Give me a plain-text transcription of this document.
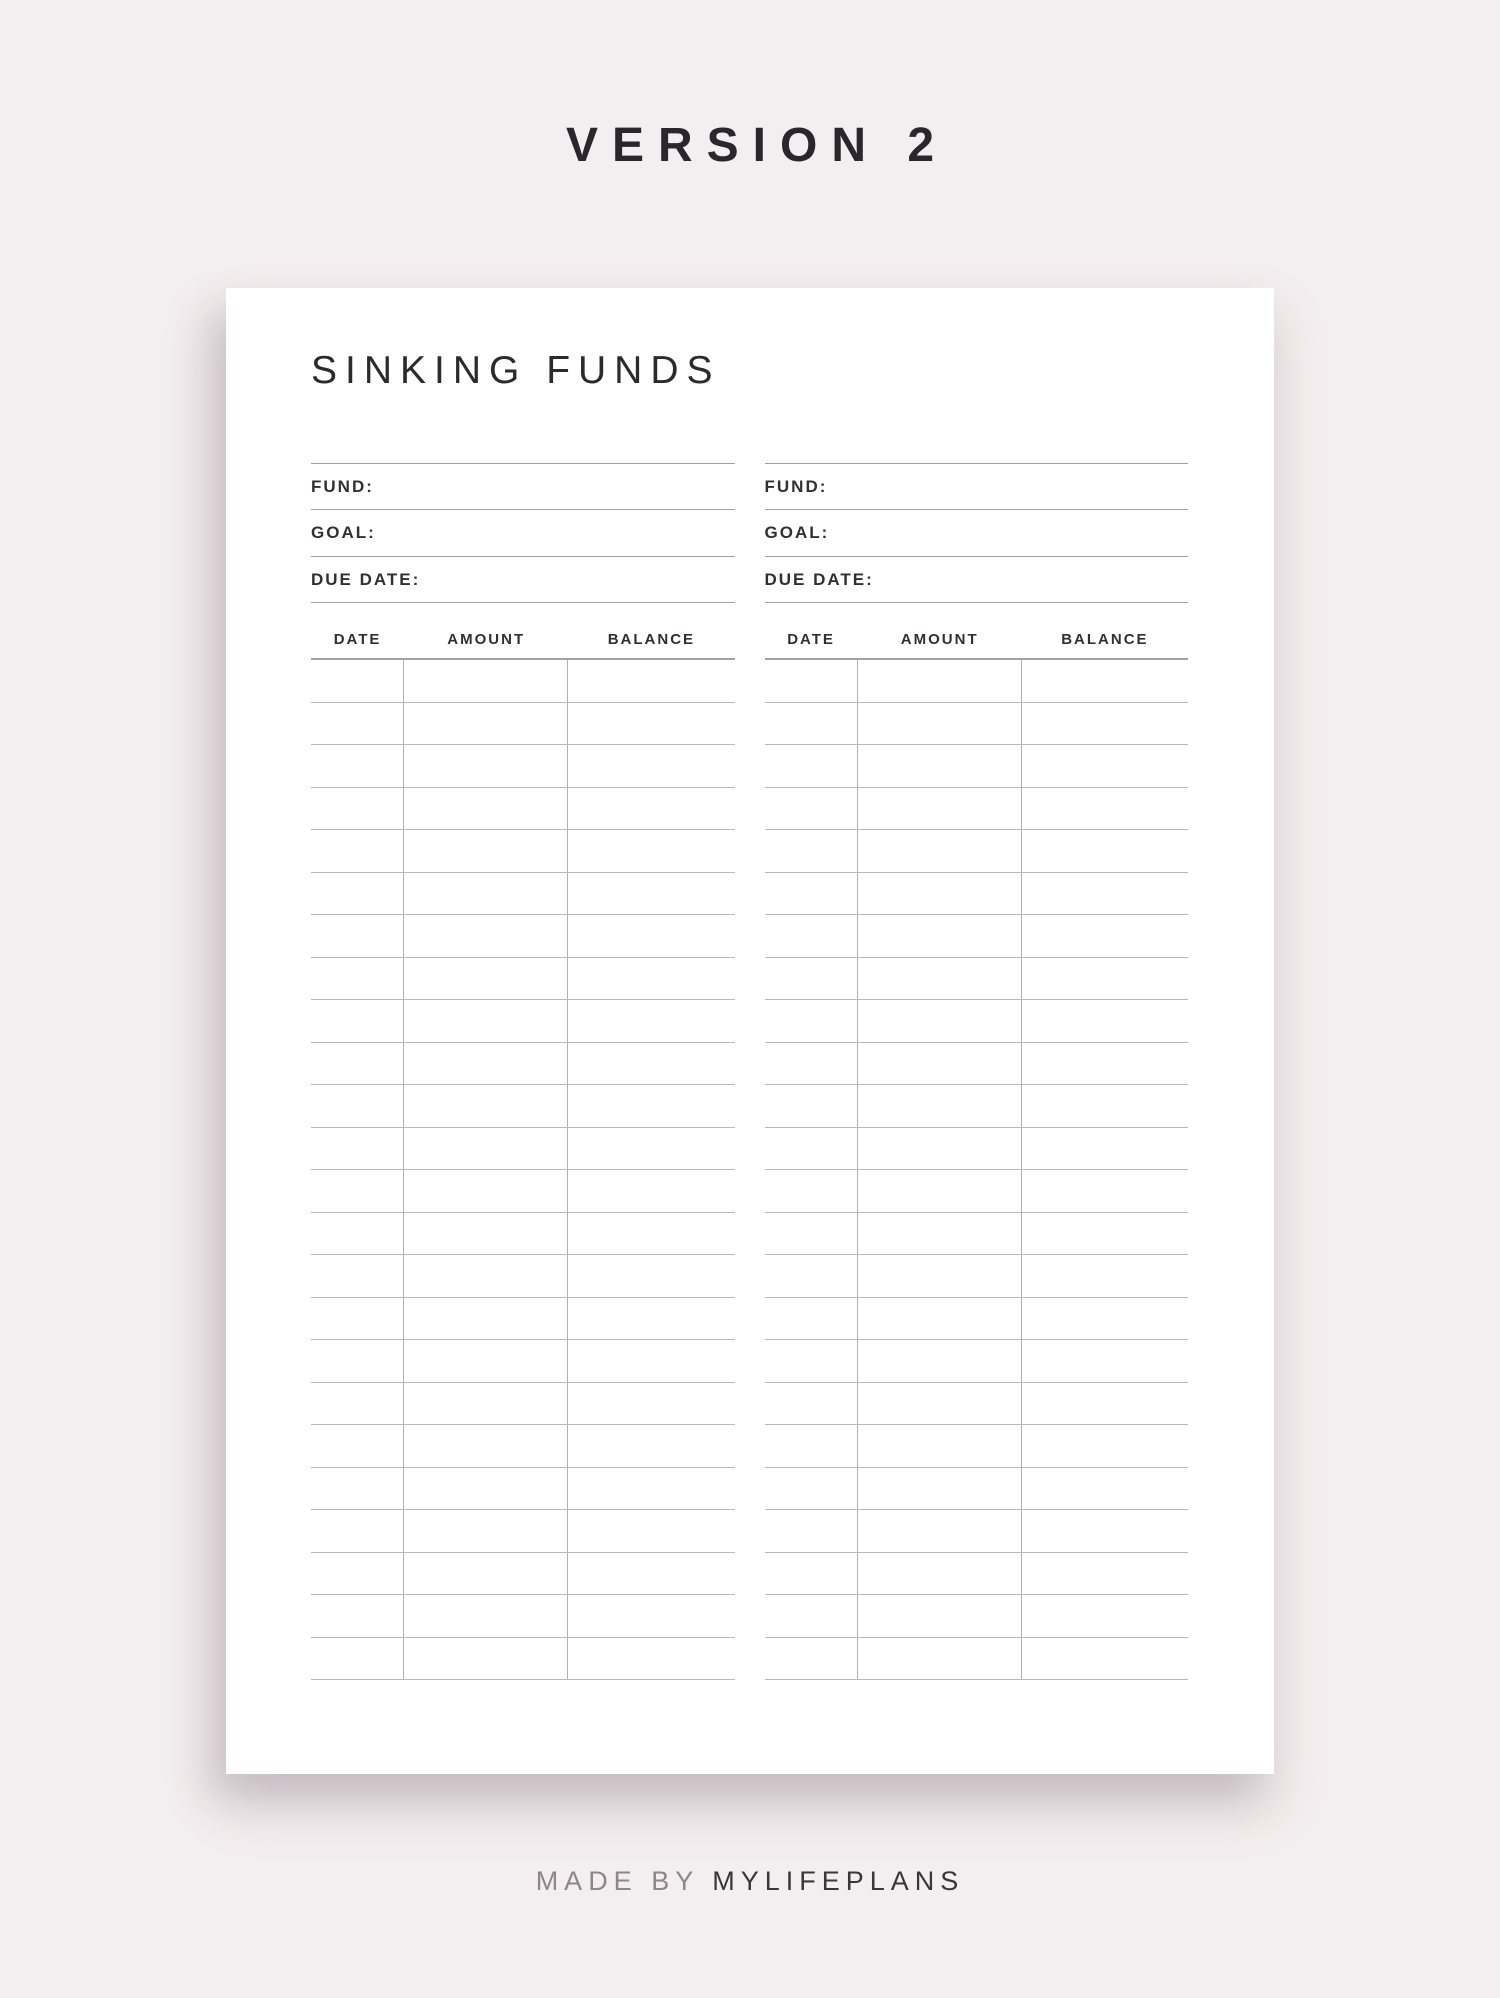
VERSION 2
SINKING FUNDS
FUND:
GOAL:
DUE DATE:
DATE	AMOUNT	BALANCE
FUND:
GOAL:
DUE DATE:
DATE	AMOUNT	BALANCE
MADE BY MYLIFEPLANS
